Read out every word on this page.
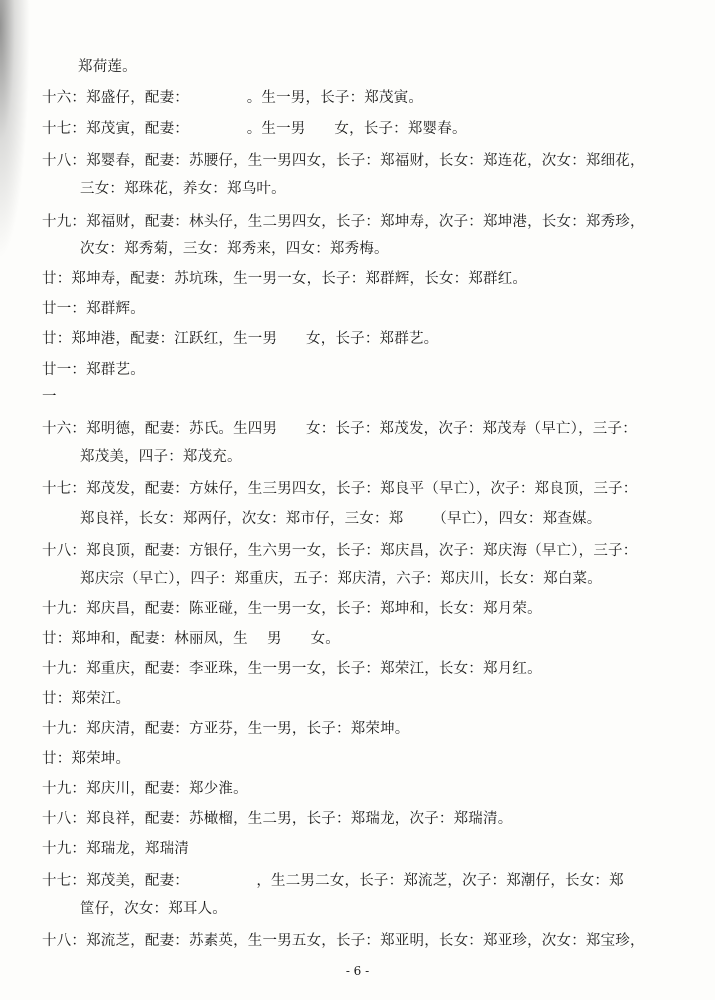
郑荷莲。
十六：郑盛仔，配妻：            。生一男，长子：郑茂寅。
十七：郑茂寅，配妻：            。生一男      女，长子：郑婴春。
十八：郑婴春，配妻：苏腰仔，生一男四女，长子：郑福财，长女：郑连花，次女：郑细花，
三女：郑珠花，养女：郑乌叶。
十九：郑福财，配妻：林头仔，生二男四女，长子：郑坤寿，次子：郑坤港，长女：郑秀珍，
次女：郑秀菊，三女：郑秀来，四女：郑秀梅。
廿：郑坤寿，配妻：苏坑珠，生一男一女，长子：郑群辉，长女：郑群红。
廿一：郑群辉。
廿：郑坤港，配妻：江跃红，生一男      女，长子：郑群艺。
廿一：郑群艺。
一
十六：郑明德，配妻：苏氏。生四男      女：长子：郑茂发，次子：郑茂寿（早亡），三子：
郑茂美，四子：郑茂充。
十七：郑茂发，配妻：方妹仔，生三男四女，长子：郑良平（早亡），次子：郑良顶，三子：
郑良祥，长女：郑两仔，次女：郑市仔，三女：郑      （早亡），四女：郑查媒。
十八：郑良顶，配妻：方银仔，生六男一女，长子：郑庆昌，次子：郑庆海（早亡），三子：
郑庆宗（早亡），四子：郑重庆，五子：郑庆清，六子：郑庆川，长女：郑白菜。
十九：郑庆昌，配妻：陈亚碰，生一男一女，长子：郑坤和，长女：郑月荣。
廿：郑坤和，配妻：林丽凤，生    男      女。
十九：郑重庆，配妻：李亚珠，生一男一女，长子：郑荣江，长女：郑月红。
廿：郑荣江。
十九：郑庆清，配妻：方亚芬，生一男，长子：郑荣坤。
廿：郑荣坤。
十九：郑庆川，配妻：郑少淮。
十八：郑良祥，配妻：苏橄榴，生二男，长子：郑瑞龙，次子：郑瑞清。
十九：郑瑞龙，郑瑞清
十七：郑茂美，配妻：              ，生二男二女，长子：郑流芝，次子：郑潮仔，长女：郑
筐仔，次女：郑耳人。
十八：郑流芝，配妻：苏素英，生一男五女，长子：郑亚明，长女：郑亚珍，次女：郑宝珍，
- 6 -
